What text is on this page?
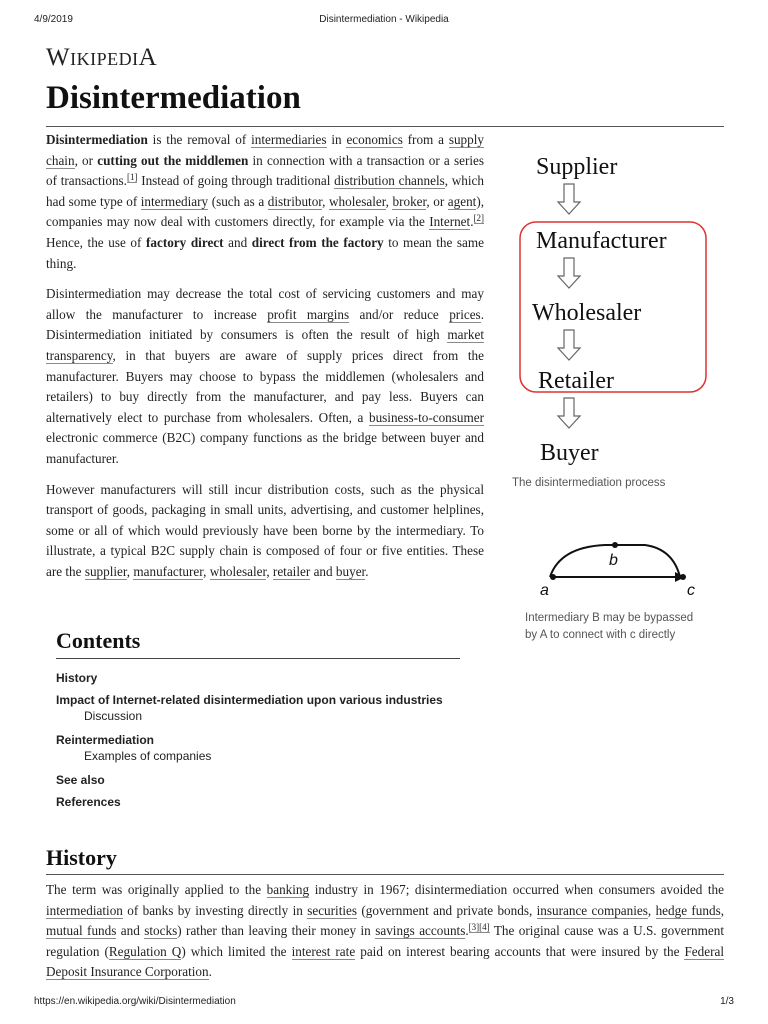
4/9/2019	Disintermediation - Wikipedia
WIKIPEDIA
Disintermediation

Disintermediation is the removal of intermediaries in economics from a supply chain, or cutting out the middlemen in connection with a transaction or a series of transactions.[1] Instead of going through traditional distribution channels, which had some type of intermediary (such as a distributor, wholesaler, broker, or agent), companies may now deal with customers directly, for example via the Internet.[2] Hence, the use of factory direct and direct from the factory to mean the same thing.

Disintermediation may decrease the total cost of servicing customers and may allow the manufacturer to increase profit margins and/or reduce prices. Disintermediation initiated by consumers is often the result of high market transparency, in that buyers are aware of supply prices direct from the manufacturer. Buyers may choose to bypass the middlemen (wholesalers and retailers) to buy directly from the manufacturer, and pay less. Buyers can alternatively elect to purchase from wholesalers. Often, a business-to-consumer electronic commerce (B2C) company functions as the bridge between buyer and manufacturer.

However manufacturers will still incur distribution costs, such as the physical transport of goods, packaging in small units, advertising, and customer helplines, some or all of which would previously have been borne by the intermediary. To illustrate, a typical B2C supply chain is composed of four or five entities. These are the supplier, manufacturer, wholesaler, retailer and buyer.

Supplier
Manufacturer
Wholesaler
Retailer
Buyer
The disintermediation process
a
b
c
Intermediary B may be bypassed
by A to connect with c directly
Contents
History
Impact of Internet-related disintermediation upon various industries
Discussion
Reintermediation
Examples of companies
See also
References
History
The term was originally applied to the banking industry in 1967; disintermediation occurred when consumers avoided the intermediation of banks by investing directly in securities (government and private bonds, insurance companies, hedge funds, mutual funds and stocks) rather than leaving their money in savings accounts.[3][4] The original cause was a U.S. government regulation (Regulation Q) which limited the interest rate paid on interest bearing accounts that were insured by the Federal Deposit Insurance Corporation.
https://en.wikipedia.org/wiki/Disintermediation	1/3
